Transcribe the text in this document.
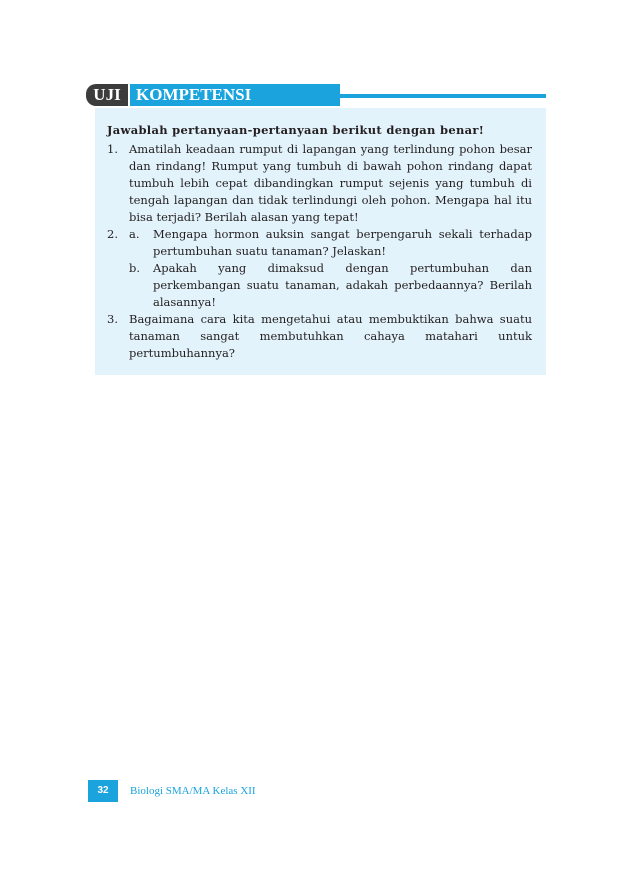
UJI KOMPETENSI
Jawablah pertanyaan-pertanyaan berikut dengan benar!
1. Amatilah keadaan rumput di lapangan yang terlindung pohon besar dan rindang! Rumput yang tumbuh di bawah pohon rindang dapat tumbuh lebih cepat dibandingkan rumput sejenis yang tumbuh di tengah lapangan dan tidak terlindungi oleh pohon. Mengapa hal itu bisa terjadi? Berilah alasan yang tepat!
2. a. Mengapa hormon auksin sangat berpengaruh sekali terhadap pertumbuhan suatu tanaman? Jelaskan!
b. Apakah yang dimaksud dengan pertumbuhan dan perkembangan suatu tanaman, adakah perbedaannya? Berilah alasannya!
3. Bagaimana cara kita mengetahui atau membuktikan bahwa suatu tanaman sangat membutuhkan cahaya matahari untuk pertumbuhannya?
32	Biologi SMA/MA Kelas XII
